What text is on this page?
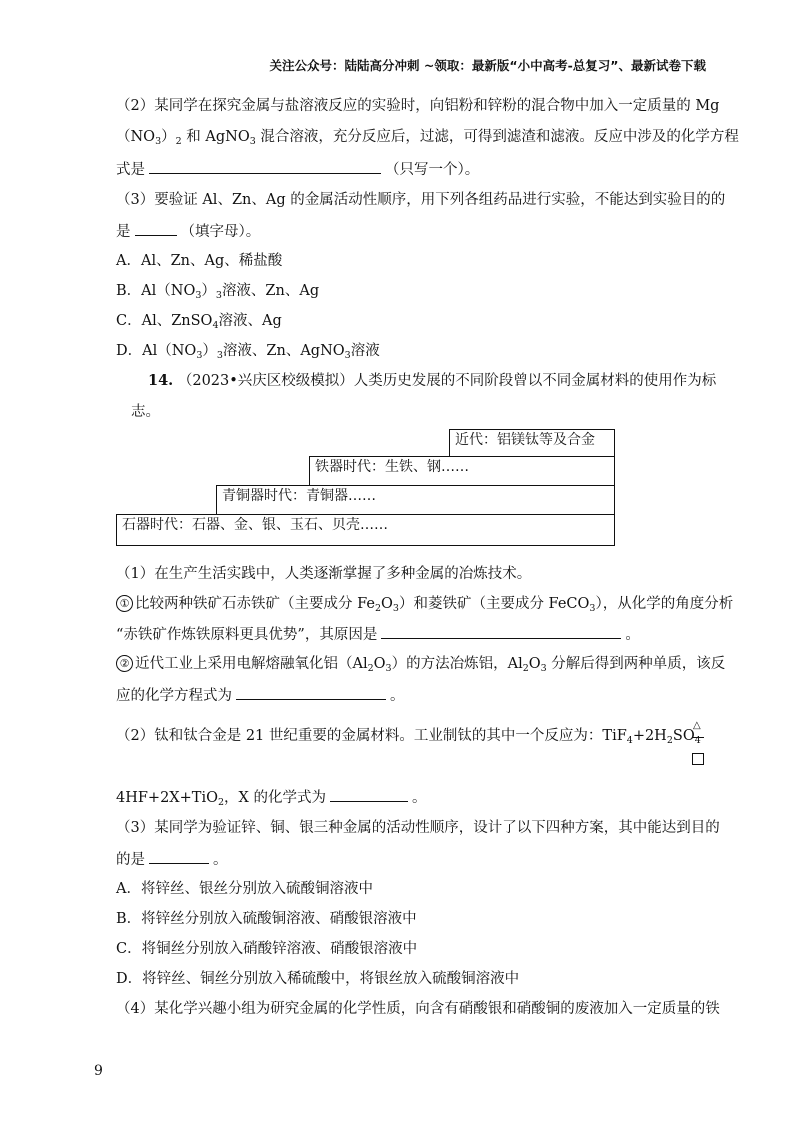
关注公众号：陆陆高分冲刺 ~领取：最新版“小中高考-总复习”、最新试卷下载
（2）某同学在探究金属与盐溶液反应的实验时，向铝粉和锌粉的混合物中加入一定质量的 Mg
$(NO_3)_2$ 和 AgNO$_3$ 混合溶液，充分反应后，过滤，可得到滤渣和滤液。反应中涉及的化学方程
式是	（只写一个）。
（3）要验证 Al、Zn、Ag 的金属活动性顺序，用下列各组药品进行实验，不能达到实验目的的
是	（填字母）。
A．Al、Zn、Ag、稀盐酸
B．$Al(NO_3)_3$溶液、Zn、Ag
C．Al、ZnSO$_4$溶液、Ag
D．$Al(NO_3)_3$溶液、Zn、AgNO$_3$溶液
14. （2023•兴庆区校级模拟）人类历史发展的不同阶段曾以不同金属材料的使用作为标
志。
近代：铝镁钛等及合金
铁器时代：生铁、钢……
青铜器时代：青铜器……
石器时代：石器、金、银、玉石、贝壳……
（1）在生产生活实践中，人类逐渐掌握了多种金属的冶炼技术。
① 比较两种铁矿石赤铁矿（主要成分 $Fe_2O_3$）和菱铁矿（主要成分 FeCO$_3$），从化学的角度分析
“赤铁矿作炼铁原料更具优势”，其原因是	。
② 近代工业上采用电解熔融氧化铝$(Al_2O_3)$的方法冶炼铝，$Al_2O_3$ 分解后得到两种单质，该反
应的化学方程式为	。
（2）钛和钛合金是 21 世纪重要的金属材料。工业制钛的其中一个反应为：$TiF_4+2H_2SO_4$
△
4HF+2X+TiO$_2$，X 的化学式为	。
（3）某同学为验证锌、铜、银三种金属的活动性顺序，设计了以下四种方案，其中能达到目的
的是	。
A．将锌丝、银丝分别放入硫酸铜溶液中
B．将锌丝分别放入硫酸铜溶液、硝酸银溶液中
C．将铜丝分别放入硝酸锌溶液、硝酸银溶液中
D．将锌丝、铜丝分别放入稀硫酸中，将银丝放入硫酸铜溶液中
（4）某化学兴趣小组为研究金属的化学性质，向含有硝酸银和硝酸铜的废液加入一定质量的铁
9
